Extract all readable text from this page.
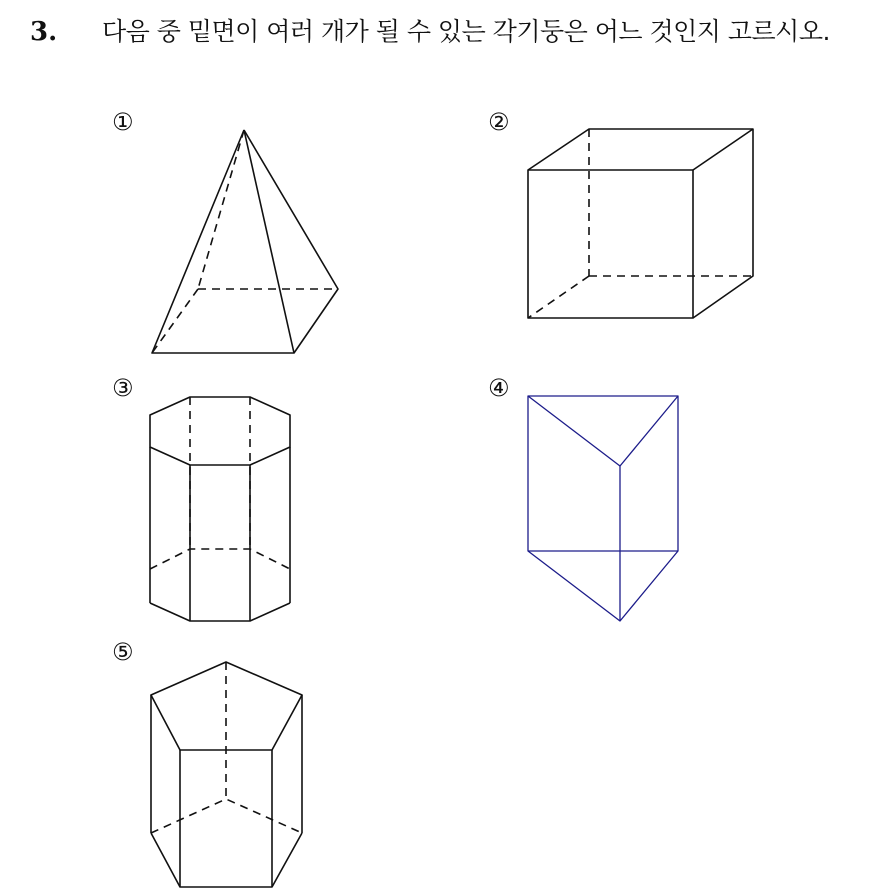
3. 다음 중 밑면이 여러 개가 될 수 있는 각기둥은 어느 것인지 고르시오.
①	②
③	④
⑤
